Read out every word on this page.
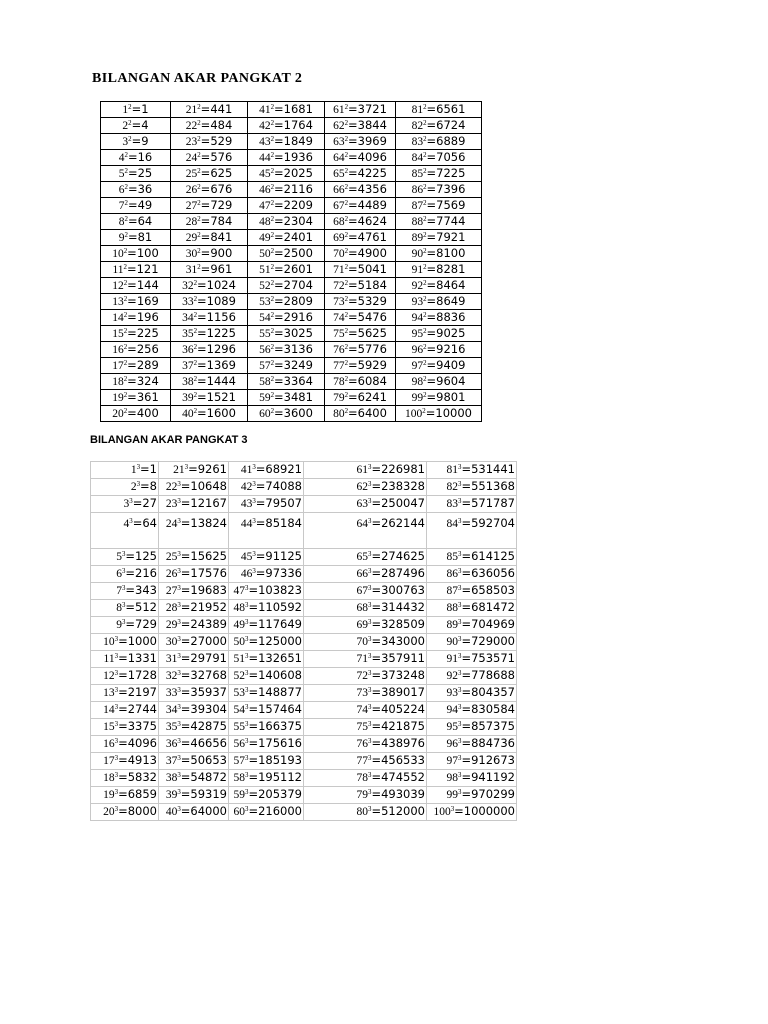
BILANGAN AKAR PANGKAT 2
$1^2=1$	$21^2=441$	$41^2=1681$	$61^2=3721$	$81^2=6561$
$2^2=4$	$22^2=484$	$42^2=1764$	$62^2=3844$	$82^2=6724$
$3^2=9$	$23^2=529$	$43^2=1849$	$63^2=3969$	$83^2=6889$
$4^2=16$	$24^2=576$	$44^2=1936$	$64^2=4096$	$84^2=7056$
$5^2=25$	$25^2=625$	$45^2=2025$	$65^2=4225$	$85^2=7225$
$6^2=36$	$26^2=676$	$46^2=2116$	$66^2=4356$	$86^2=7396$
$7^2=49$	$27^2=729$	$47^2=2209$	$67^2=4489$	$87^2=7569$
$8^2=64$	$28^2=784$	$48^2=2304$	$68^2=4624$	$88^2=7744$
$9^2=81$	$29^2=841$	$49^2=2401$	$69^2=4761$	$89^2=7921$
$10^2=100$	$30^2=900$	$50^2=2500$	$70^2=4900$	$90^2=8100$
$11^2=121$	$31^2=961$	$51^2=2601$	$71^2=5041$	$91^2=8281$
$12^2=144$	$32^2=1024$	$52^2=2704$	$72^2=5184$	$92^2=8464$
$13^2=169$	$33^2=1089$	$53^2=2809$	$73^2=5329$	$93^2=8649$
$14^2=196$	$34^2=1156$	$54^2=2916$	$74^2=5476$	$94^2=8836$
$15^2=225$	$35^2=1225$	$55^2=3025$	$75^2=5625$	$95^2=9025$
$16^2=256$	$36^2=1296$	$56^2=3136$	$76^2=5776$	$96^2=9216$
$17^2=289$	$37^2=1369$	$57^2=3249$	$77^2=5929$	$97^2=9409$
$18^2=324$	$38^2=1444$	$58^2=3364$	$78^2=6084$	$98^2=9604$
$19^2=361$	$39^2=1521$	$59^2=3481$	$79^2=6241$	$99^2=9801$
$20^2=400$	$40^2=1600$	$60^2=3600$	$80^2=6400$	$100^2=10000$
BILANGAN AKAR PANGKAT 3
$1^3=1$	$21^3=9261$	$41^3=68921$	$61^3=226981$	$81^3=531441$
$2^3=8$	$22^3=10648$	$42^3=74088$	$62^3=238328$	$82^3=551368$
$3^3=27$	$23^3=12167$	$43^3=79507$	$63^3=250047$	$83^3=571787$
$4^3=64$	$24^3=13824$	$44^3=85184$	$64^3=262144$	$84^3=592704$
$5^3=125$	$25^3=15625$	$45^3=91125$	$65^3=274625$	$85^3=614125$
$6^3=216$	$26^3=17576$	$46^3=97336$	$66^3=287496$	$86^3=636056$
$7^3=343$	$27^3=19683$	$47^3=103823$	$67^3=300763$	$87^3=658503$
$8^3=512$	$28^3=21952$	$48^3=110592$	$68^3=314432$	$88^3=681472$
$9^3=729$	$29^3=24389$	$49^3=117649$	$69^3=328509$	$89^3=704969$
$10^3=1000$	$30^3=27000$	$50^3=125000$	$70^3=343000$	$90^3=729000$
$11^3=1331$	$31^3=29791$	$51^3=132651$	$71^3=357911$	$91^3=753571$
$12^3=1728$	$32^3=32768$	$52^3=140608$	$72^3=373248$	$92^3=778688$
$13^3=2197$	$33^3=35937$	$53^3=148877$	$73^3=389017$	$93^3=804357$
$14^3=2744$	$34^3=39304$	$54^3=157464$	$74^3=405224$	$94^3=830584$
$15^3=3375$	$35^3=42875$	$55^3=166375$	$75^3=421875$	$95^3=857375$
$16^3=4096$	$36^3=46656$	$56^3=175616$	$76^3=438976$	$96^3=884736$
$17^3=4913$	$37^3=50653$	$57^3=185193$	$77^3=456533$	$97^3=912673$
$18^3=5832$	$38^3=54872$	$58^3=195112$	$78^3=474552$	$98^3=941192$
$19^3=6859$	$39^3=59319$	$59^3=205379$	$79^3=493039$	$99^3=970299$
$20^3=8000$	$40^3=64000$	$60^3=216000$	$80^3=512000$	$100^3=1000000$
